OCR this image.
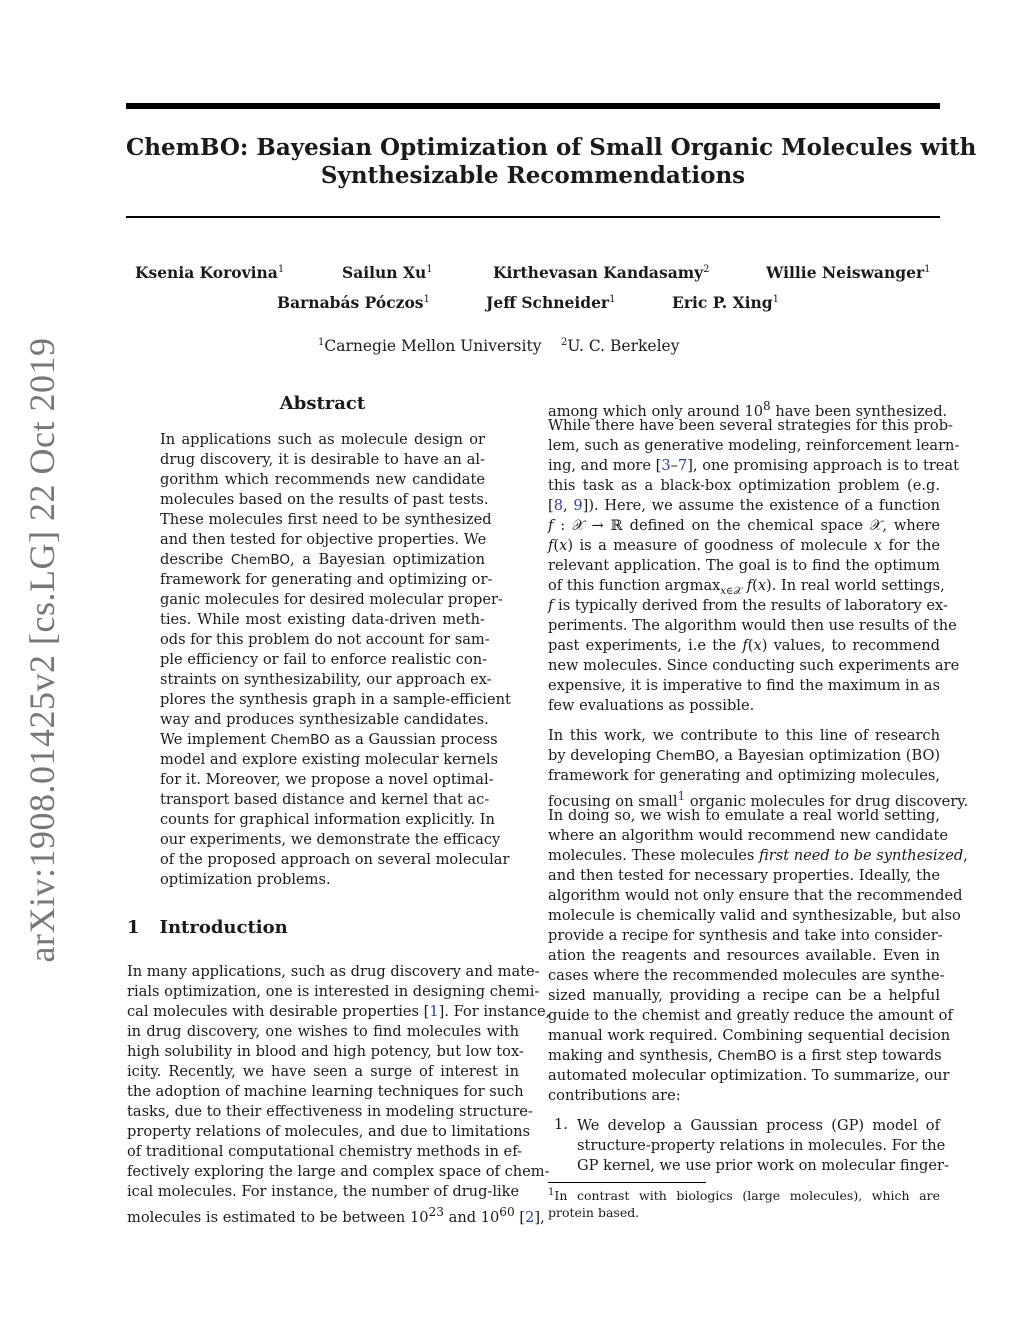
arXiv:1908.01425v2 [cs.LG] 22 Oct 2019
ChemBO: Bayesian Optimization of Small Organic Molecules with
Synthesizable Recommendations
Ksenia Korovina$^1$	Sailun Xu$^1$	Kirthevasan Kandasamy$^2$	Willie Neiswanger$^1$
Barnabás Póczos$^1$	Jeff Schneider$^1$	Eric P. Xing$^1$
$^1$Carnegie Mellon University $^2$U. C. Berkeley
Abstract
In applications such as molecule design or
drug discovery, it is desirable to have an al-
gorithm which recommends new candidate
molecules based on the results of past tests.
These molecules first need to be synthesized
and then tested for objective properties. We
describe ChemBO, a Bayesian optimization
framework for generating and optimizing or-
ganic molecules for desired molecular proper-
ties. While most existing data-driven meth-
ods for this problem do not account for sam-
ple efficiency or fail to enforce realistic con-
straints on synthesizability, our approach ex-
plores the synthesis graph in a sample-efficient
way and produces synthesizable candidates.
We implement ChemBO as a Gaussian process
model and explore existing molecular kernels
for it. Moreover, we propose a novel optimal-
transport based distance and kernel that ac-
counts for graphical information explicitly. In
our experiments, we demonstrate the efficacy
of the proposed approach on several molecular
optimization problems.
1 Introduction
In many applications, such as drug discovery and mate-
rials optimization, one is interested in designing chemi-
cal molecules with desirable properties [1]. For instance,
in drug discovery, one wishes to find molecules with
high solubility in blood and high potency, but low tox-
icity. Recently, we have seen a surge of interest in
the adoption of machine learning techniques for such
tasks, due to their effectiveness in modeling structure-
property relations of molecules, and due to limitations
of traditional computational chemistry methods in ef-
fectively exploring the large and complex space of chem-
ical molecules. For instance, the number of drug-like
molecules is estimated to be between $10^{23}$ and $10^{60}$ [2],
among which only around $10^8$ have been synthesized.
While there have been several strategies for this prob-
lem, such as generative modeling, reinforcement learn-
ing, and more [3–7], one promising approach is to treat
this task as a black-box optimization problem (e.g.
[8, 9]). Here, we assume the existence of a function
f : 𝒳 → ℝ defined on the chemical space 𝒳, where
f(x) is a measure of goodness of molecule x for the
relevant application. The goal is to find the optimum
of this function argmax$_{x\in 𝒳}$ f(x). In real world settings,
f is typically derived from the results of laboratory ex-
periments. The algorithm would then use results of the
past experiments, i.e the f(x) values, to recommend
new molecules. Since conducting such experiments are
expensive, it is imperative to find the maximum in as
few evaluations as possible.
In this work, we contribute to this line of research
by developing ChemBO, a Bayesian optimization (BO)
framework for generating and optimizing molecules,
focusing on small$^1$ organic molecules for drug discovery.
In doing so, we wish to emulate a real world setting,
where an algorithm would recommend new candidate
molecules. These molecules first need to be synthesized,
and then tested for necessary properties. Ideally, the
algorithm would not only ensure that the recommended
molecule is chemically valid and synthesizable, but also
provide a recipe for synthesis and take into consider-
ation the reagents and resources available. Even in
cases where the recommended molecules are synthe-
sized manually, providing a recipe can be a helpful
guide to the chemist and greatly reduce the amount of
manual work required. Combining sequential decision
making and synthesis, ChemBO is a first step towards
automated molecular optimization. To summarize, our
contributions are:
1. We develop a Gaussian process (GP) model of
structure-property relations in molecules. For the
GP kernel, we use prior work on molecular finger-
$^1$In contrast with biologics (large molecules), which are
protein based.
